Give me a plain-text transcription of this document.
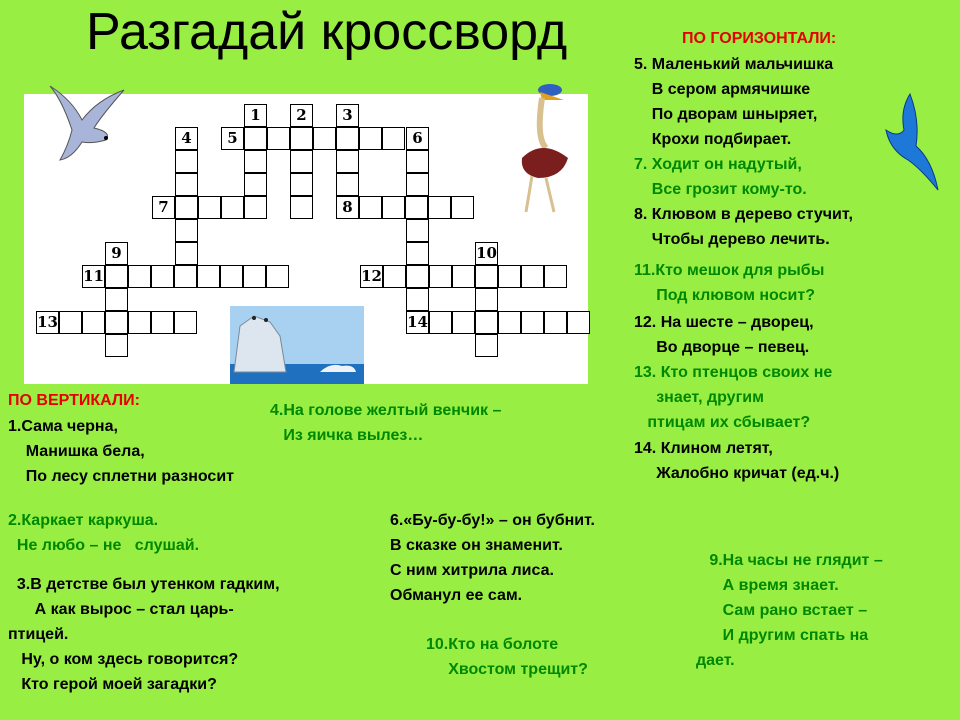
Разгадай кроссворд
1	2	3
4	5	6
7	8
9	10
11	12
13	14
ПО ГОРИЗОНТАЛИ:
5. Маленький мальчишка
В сером армячишке
По дворам шныряет,
Крохи подбирает.
7. Ходит он надутый,
Все грозит кому-то.
8. Клювом в дерево стучит,
Чтобы дерево лечить.
11.Кто мешок для рыбы
Под клювом носит?
12. На шесте – дворец,
Во дворце – певец.
13. Кто птенцов своих не
знает, другим
птицам их сбывает?
14. Клином летят,
Жалобно кричат (ед.ч.)
1.Сама черна,
Манишка бела,
По лесу сплетни разносит
4.На голове желтый венчик –
Из яичка вылез…
2.Каркает каркуша.
Не любо – не   слушай.
6.«Бу-бу-бу!» – он бубнит.
В сказке он знаменит.
С ним хитрила лиса.
Обманул ее сам.
3.В детстве был утенком гадким,
А как вырос – стал царь-
птицей.
Ну, о ком здесь говорится?
Кто герой моей загадки?
9.На часы не глядит –
А время знает.
Сам рано встает –
И другим спать на
дает.
10.Кто на болоте
Хвостом трещит?
ПО ВЕРТИКАЛИ:
